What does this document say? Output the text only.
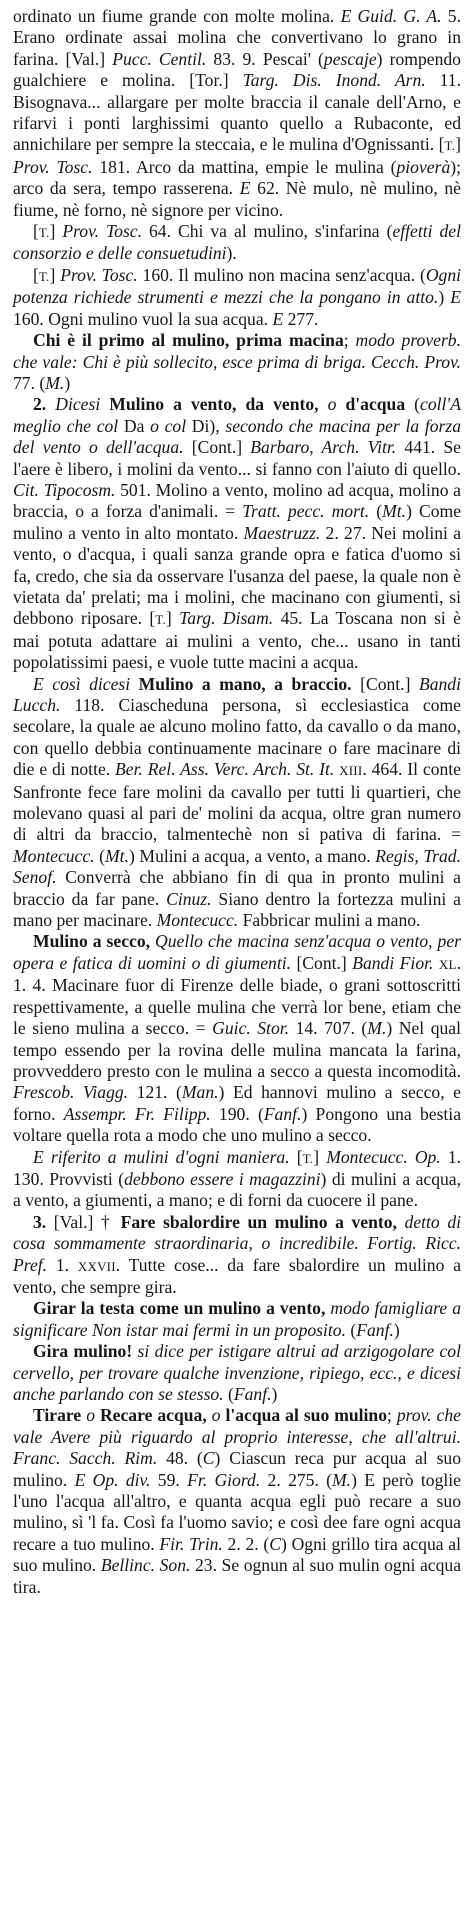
ordinato un fiume grande con molte molina. E Guid. G. A. 5. Erano ordinate assai molina che convertivano lo grano in farina. [Val.] Pucc. Centil. 83. 9. Pescai' (pescaje) rompendo gualchiere e molina. [Tor.] Targ. Dis. Inond. Arn. 11. Bisognava... allargare per molte braccia il canale dell'Arno, e rifarvi i ponti larghissimi quanto quello a Rubaconte, ed annichilare per sempre la steccaia, e le mulina d'Ognissanti. [T.] Prov. Tosc. 181. Arco da mattina, empie le mulina (pioverà); arco da sera, tempo rasserena. E 62. Nè mulo, nè mulino, nè fiume, nè forno, nè signore per vicino.

[T.] Prov. Tosc. 64. Chi va al mulino, s'infarina (effetti del consorzio e delle consuetudini).

[T.] Prov. Tosc. 160. Il mulino non macina senz'acqua. (Ogni potenza richiede strumenti e mezzi che la pongano in atto.) E 160. Ogni mulino vuol la sua acqua. E 277.

Chi è il primo al mulino, prima macina; modo proverb. che vale: Chi è più sollecito, esce prima di briga. Cecch. Prov. 77. (M.)

2. Dicesi Mulino a vento, da vento, o d'acqua (coll'A meglio che col Da o col Di), secondo che macina per la forza del vento o dell'acqua. [Cont.] Barbaro, Arch. Vitr. 441. Se l'aere è libero, i molini da vento... si fanno con l'aiuto di quello. Cit. Tipocosm. 501. Molino a vento, molino ad acqua, molino a braccia, o a forza d'animali. = Tratt. pecc. mort. (Mt.) Come mulino a vento in alto montato. Maestruzz. 2. 27. Nei molini a vento, o d'acqua, i quali sanza grande opra e fatica d'uomo si fa, credo, che sia da osservare l'usanza del paese, la quale non è vietata da' prelati; ma i molini, che macinano con giumenti, si debbono riposare. [T.] Targ. Disam. 45. La Toscana non si è mai potuta adattare ai mulini a vento, che... usano in tanti popolatissimi paesi, e vuole tutte macini a acqua.

E così dicesi Mulino a mano, a braccio. [Cont.] Bandi Lucch. 118. Ciascheduna persona, sì ecclesiastica come secolare, la quale ae alcuno molino fatto, da cavallo o da mano, con quello debbia continuamente macinare o fare macinare di die e di notte. Ber. Rel. Ass. Verc. Arch. St. It. XIII. 464. Il conte Sanfronte fece fare molini da cavallo per tutti li quartieri, che molevano quasi al pari de' molini da acqua, oltre gran numero di altri da braccio, talmentechè non si pativa di farina. = Montecucc. (Mt.) Mulini a acqua, a vento, a mano. Regis, Trad. Senof. Converrà che abbiano fin di qua in pronto mulini a braccio da far pane. Cinuz. Siano dentro la fortezza mulini a mano per macinare. Montecucc. Fabbricar mulini a mano.

Mulino a secco, Quello che macina senz'acqua o vento, per opera e fatica di uomini o di giumenti. [Cont.] Bandi Fior. XL. 1. 4. Macinare fuor di Firenze delle biade, o grani sottoscritti respettivamente, a quelle mulina che verrà lor bene, etiam che le sieno mulina a secco. = Guic. Stor. 14. 707. (M.) Nel qual tempo essendo per la rovina delle mulina mancata la farina, provveddero presto con le mulina a secco a questa incomodità. Frescob. Viagg. 121. (Man.) Ed hannovi mulino a secco, e forno. Assempr. Fr. Filipp. 190. (Fanf.) Pongono una bestia voltare quella rota a modo che uno mulino a secco.

E riferito a mulini d'ogni maniera. [T.] Montecucc. Op. 1. 130. Provvisti (debbono essere i magazzini) di mulini a acqua, a vento, a giumenti, a mano; e di forni da cuocere il pane.

3. [Val.] † Fare sbalordire un mulino a vento, detto di cosa sommamente straordinaria, o incredibile. Fortig. Ricc. Pref. 1. XXVII. Tutte cose... da fare sbalordire un mulino a vento, che sempre gira.

Girar la testa come un mulino a vento, modo famigliare a significare Non istar mai fermi in un proposito. (Fanf.)

Gira mulino! si dice per istigare altrui ad arzigogolare col cervello, per trovare qualche invenzione, ripiego, ecc., e dicesi anche parlando con se stesso. (Fanf.)

Tirare o Recare acqua, o l'acqua al suo mulino; prov. che vale Avere più riguardo al proprio interesse, che all'altrui. Franc. Sacch. Rim. 48. (C) Ciascun reca pur acqua al suo mulino. E Op. div. 59. Fr. Giord. 2. 275. (M.) E però toglie l'uno l'acqua all'altro, e quanta acqua egli può recare a suo mulino, sì 'l fa. Così fa l'uomo savio; e così dee fare ogni acqua recare a tuo mulino. Fir. Trin. 2. 2. (C) Ogni grillo tira acqua al suo mulino. Bellinc. Son. 23. Se ognun al suo mulin ogni acqua tira.
